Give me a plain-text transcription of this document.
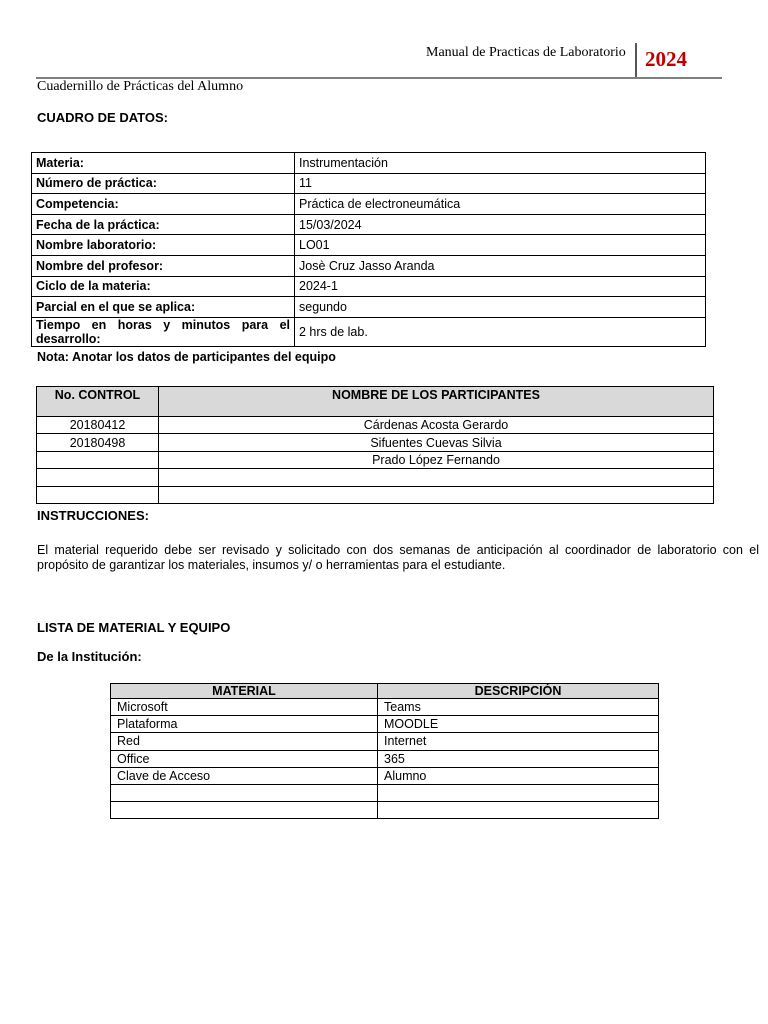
Manual de Practicas de Laboratorio 2024
Cuadernillo de Prácticas del Alumno
CUADRO DE DATOS:
Materia:	Instrumentación
Número de práctica:	11
Competencia:	Práctica de electroneumática
Fecha de la práctica:	15/03/2024
Nombre laboratorio:	LO01
Nombre del profesor:	Josè Cruz Jasso Aranda
Ciclo de la materia:	2024-1
Parcial en el que se aplica:	segundo
Tiempo en horas y minutos para el desarrollo:	2 hrs de lab.
Nota: Anotar los datos de participantes del equipo
No. CONTROL	NOMBRE DE LOS PARTICIPANTES
20180412	Cárdenas Acosta Gerardo
20180498	Sifuentes Cuevas Silvia
	Prado López Fernando

INSTRUCCIONES:
El material requerido debe ser revisado y solicitado con dos semanas de anticipación al coordinador de laboratorio con el propósito de garantizar los materiales, insumos y/ o herramientas para el estudiante.
LISTA DE MATERIAL Y EQUIPO
De la Institución:
MATERIAL	DESCRIPCIÓN
Microsoft	Teams
Plataforma	MOODLE
Red	Internet
Office	365
Clave de Acceso	Alumno
